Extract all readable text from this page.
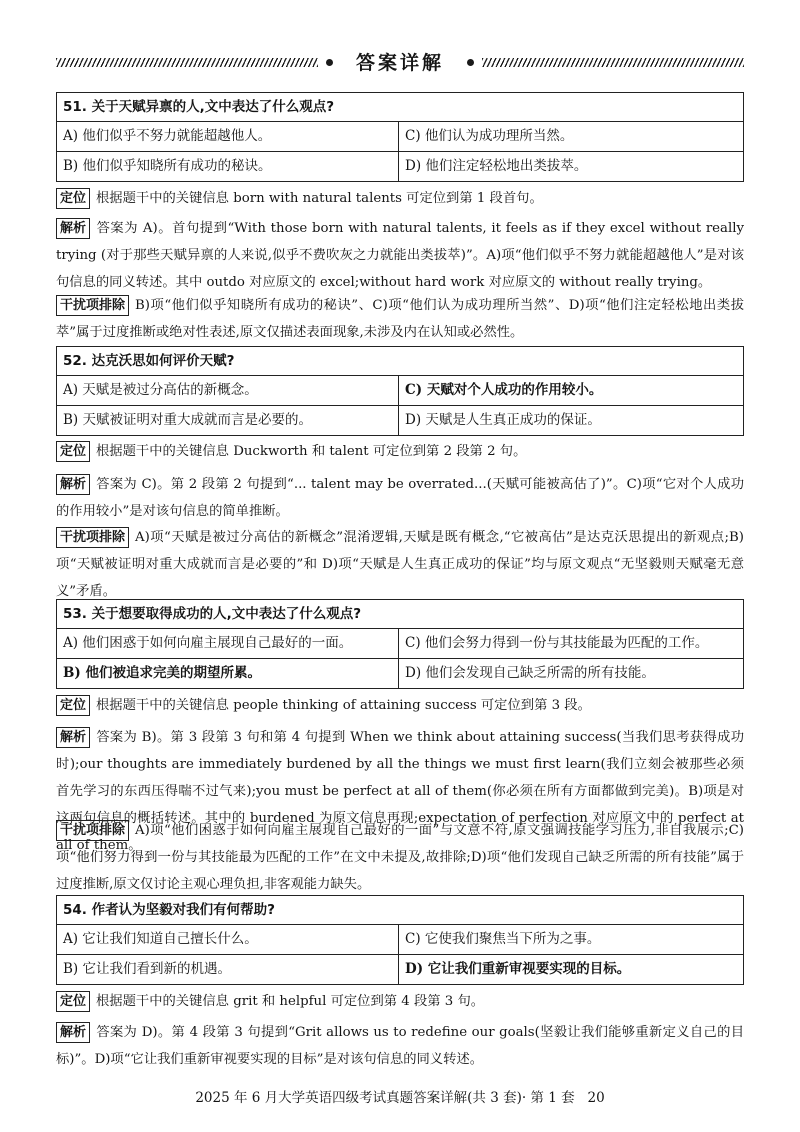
答案详解
51. 关于天赋异禀的人,文中表达了什么观点?
A) 他们似乎不努力就能超越他人。	C) 他们认为成功理所当然。
B) 他们似乎知晓所有成功的秘诀。	D) 他们注定轻松地出类拔萃。
定位 根据题干中的关键信息 born with natural talents 可定位到第 1 段首句。
解析 答案为 A)。首句提到“With those born with natural talents, it feels as if they excel without really trying (对于那些天赋异禀的人来说,似乎不费吹灰之力就能出类拔萃)”。A)项“他们似乎不努力就能超越他人”是对该句信息的同义转述。其中 outdo 对应原文的 excel;without hard work 对应原文的 without really trying。
干扰项排除 B)项“他们似乎知晓所有成功的秘诀”、C)项“他们认为成功理所当然”、D)项“他们注定轻松地出类拔萃”属于过度推断或绝对性表述,原文仅描述表面现象,未涉及内在认知或必然性。
52. 达克沃思如何评价天赋?
A) 天赋是被过分高估的新概念。	C) 天赋对个人成功的作用较小。
B) 天赋被证明对重大成就而言是必要的。	D) 天赋是人生真正成功的保证。
定位 根据题干中的关键信息 Duckworth 和 talent 可定位到第 2 段第 2 句。
解析 答案为 C)。第 2 段第 2 句提到“... talent may be overrated...(天赋可能被高估了)”。C)项“它对个人成功的作用较小”是对该句信息的简单推断。
干扰项排除 A)项“天赋是被过分高估的新概念”混淆逻辑,天赋是既有概念,“它被高估”是达克沃思提出的新观点;B)项“天赋被证明对重大成就而言是必要的”和 D)项“天赋是人生真正成功的保证”均与原文观点“无坚毅则天赋毫无意义”矛盾。
53. 关于想要取得成功的人,文中表达了什么观点?
A) 他们困惑于如何向雇主展现自己最好的一面。	C) 他们会努力得到一份与其技能最为匹配的工作。
B) 他们被追求完美的期望所累。	D) 他们会发现自己缺乏所需的所有技能。
定位 根据题干中的关键信息 people thinking of attaining success 可定位到第 3 段。
解析 答案为 B)。第 3 段第 3 句和第 4 句提到 When we think about attaining success(当我们思考获得成功时);our thoughts are immediately burdened by all the things we must first learn(我们立刻会被那些必须首先学习的东西压得喘不过气来);you must be perfect at all of them(你必须在所有方面都做到完美)。B)项是对这两句信息的概括转述。其中的 burdened 为原文信息再现;expectation of perfection 对应原文中的 perfect at all of them。
干扰项排除 A)项“他们困惑于如何向雇主展现自己最好的一面”与文意不符,原文强调技能学习压力,非自我展示;C)项“他们努力得到一份与其技能最为匹配的工作”在文中未提及,故排除;D)项“他们发现自己缺乏所需的所有技能”属于过度推断,原文仅讨论主观心理负担,非客观能力缺失。
54. 作者认为坚毅对我们有何帮助?
A) 它让我们知道自己擅长什么。	C) 它使我们聚焦当下所为之事。
B) 它让我们看到新的机遇。	D) 它让我们重新审视要实现的目标。
定位 根据题干中的关键信息 grit 和 helpful 可定位到第 4 段第 3 句。
解析 答案为 D)。第 4 段第 3 句提到“Grit allows us to redefine our goals(坚毅让我们能够重新定义自己的目标)”。D)项“它让我们重新审视要实现的目标”是对该句信息的同义转述。
2025 年 6 月大学英语四级考试真题答案详解(共 3 套)· 第 1 套 20
